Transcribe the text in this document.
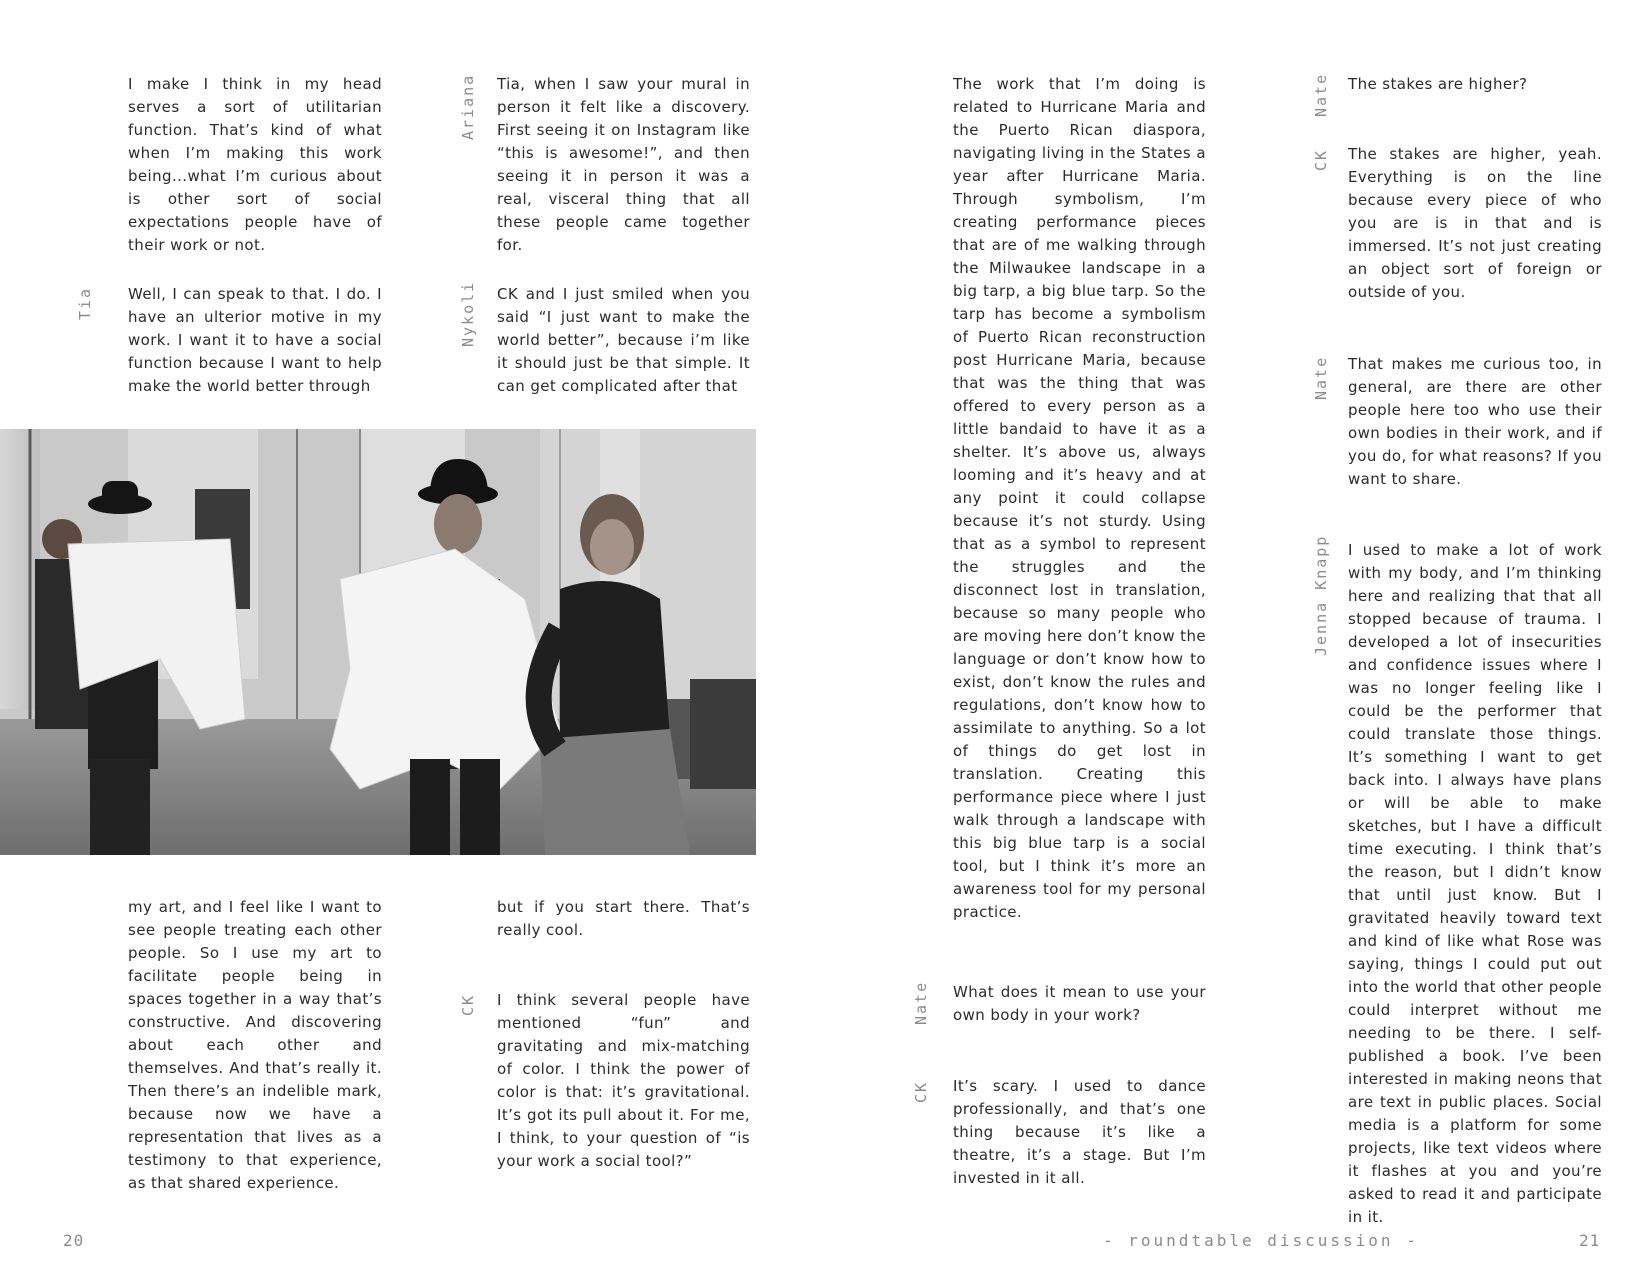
I make I think in my head serves a sort of utilitarian function. That’s kind of what when I’m making this work being...what I’m curious about is other sort of social expectations people have of their work or not.
Tia Well, I can speak to that. I do. I have an ulterior motive in my work. I want it to have a social function because I want to help make the world better through
Ariana Tia, when I saw your mural in person it felt like a discovery. First seeing it on Instagram like “this is awesome!”, and then seeing it in person it was a real, visceral thing that all these people came together for.
Nykoli CK and I just smiled when you said “I just want to make the world better”, because i’m like it should just be that simple. It can get complicated after that
my art, and I feel like I want to see people treating each other people. So I use my art to facilitate people being in spaces together in a way that’s constructive. And discovering about each other and themselves. And that’s really it. Then there’s an indelible mark, because now we have a representation that lives as a testimony to that experience, as that shared experience.
but if you start there. That’s really cool.
CK I think several people have mentioned “fun” and gravitating and mix-matching of color. I think the power of color is that: it’s gravitational. It’s got its pull about it. For me, I think, to your question of “is your work a social tool?”
20
The work that I’m doing is related to Hurricane Maria and the Puerto Rican diaspora, navigating living in the States a year after Hurricane Maria. Through symbolism, I’m creating performance pieces that are of me walking through the Milwaukee landscape in a big tarp, a big blue tarp. So the tarp has become a symbolism of Puerto Rican reconstruction post Hurricane Maria, because that was the thing that was offered to every person as a little bandaid to have it as a shelter. It’s above us, always looming and it’s heavy and at any point it could collapse because it’s not sturdy. Using that as a symbol to represent the struggles and the disconnect lost in translation, because so many people who are moving here don’t know the language or don’t know how to exist, don’t know the rules and regulations, don’t know how to assimilate to anything. So a lot of things do get lost in translation. Creating this performance piece where I just walk through a landscape with this big blue tarp is a social tool, but I think it’s more an awareness tool for my personal practice.
Nate What does it mean to use your own body in your work?
CK It’s scary. I used to dance professionally, and that’s one thing because it’s like a theatre, it’s a stage. But I’m invested in it all.
Nate The stakes are higher?
CK The stakes are higher, yeah. Everything is on the line because every piece of who you are is in that and is immersed. It’s not just creating an object sort of foreign or outside of you.
Nate That makes me curious too, in general, are there are other people here too who use their own bodies in their work, and if you do, for what reasons? If you want to share.
Jenna Knapp I used to make a lot of work with my body, and I’m thinking here and realizing that that all stopped because of trauma. I developed a lot of insecurities and confidence issues where I was no longer feeling like I could be the performer that could translate those things. It’s something I want to get back into. I always have plans or will be able to make sketches, but I have a difficult time executing. I think that’s the reason, but I didn’t know that until just know. But I gravitated heavily toward text and kind of like what Rose was saying, things I could put out into the world that other people could interpret without me needing to be there. I self-published a book. I’ve been interested in making neons that are text in public places. Social media is a platform for some projects, like text videos where it flashes at you and you’re asked to read it and participate in it.
- roundtable discussion -	21
